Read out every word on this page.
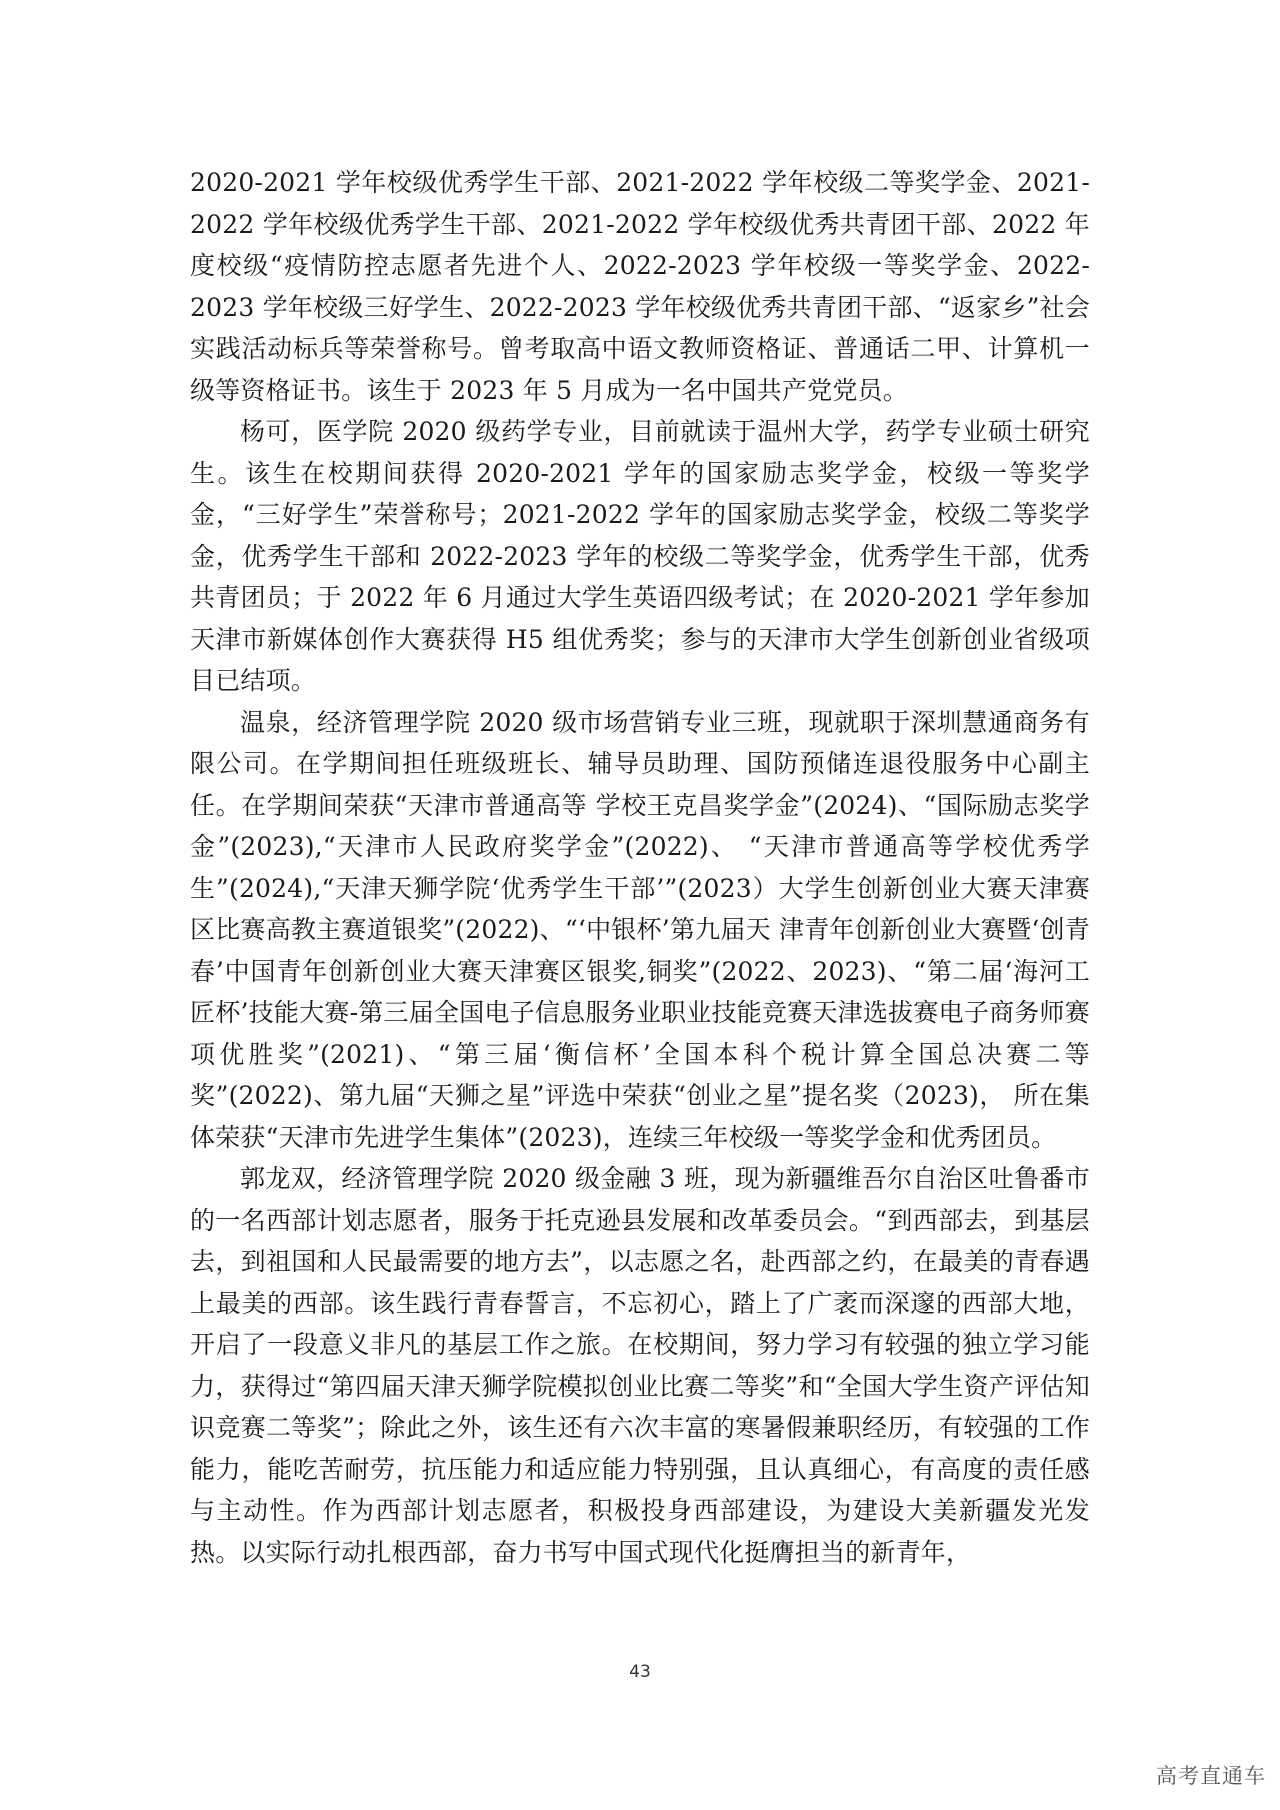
2020-2021 学年校级优秀学生干部、2021-2022 学年校级二等奖学金、2021-2022 学年校级优秀学生干部、2021-2022 学年校级优秀共青团干部、2022 年度校级“疫情防控志愿者先进个人、2022-2023 学年校级一等奖学金、2022-2023 学年校级三好学生、2022-2023 学年校级优秀共青团干部、“返家乡”社会实践活动标兵等荣誉称号。曾考取高中语文教师资格证、普通话二甲、计算机一级等资格证书。该生于 2023 年 5 月成为一名中国共产党党员。

杨可，医学院 2020 级药学专业，目前就读于温州大学，药学专业硕士研究生。该生在校期间获得 2020-2021 学年的国家励志奖学金，校级一等奖学金，“三好学生”荣誉称号；2021-2022 学年的国家励志奖学金，校级二等奖学金，优秀学生干部和 2022-2023 学年的校级二等奖学金，优秀学生干部，优秀共青团员；于 2022 年 6 月通过大学生英语四级考试；在 2020-2021 学年参加天津市新媒体创作大赛获得 H5 组优秀奖；参与的天津市大学生创新创业省级项目已结项。

温泉，经济管理学院 2020 级市场营销专业三班，现就职于深圳慧通商务有限公司。在学期间担任班级班长、辅导员助理、国防预储连退役服务中心副主任。在学期间荣获“天津市普通高等 学校王克昌奖学金”(2024)、“国际励志奖学金”(2023),“天津市人民政府奖学金”(2022)、 “天津市普通高等学校优秀学生”(2024),“天津天狮学院‘优秀学生干部’”(2023）大学生创新创业大赛天津赛区比赛高教主赛道银奖”(2022)、“‘中银杯’第九届天 津青年创新创业大赛暨‘创青春’中国青年创新创业大赛天津赛区银奖,铜奖”(2022、2023)、“第二届‘海河工匠杯’技能大赛-第三届全国电子信息服务业职业技能竞赛天津选拔赛电子商务师赛项优胜奖”(2021)、“第三届‘衡信杯’全国本科个税计算全国总决赛二等奖”(2022)、第九届“天狮之星”评选中荣获“创业之星”提名奖（2023)， 所在集体荣获“天津市先进学生集体”(2023)，连续三年校级一等奖学金和优秀团员。

郭龙双，经济管理学院 2020 级金融 3 班，现为新疆维吾尔自治区吐鲁番市的一名西部计划志愿者，服务于托克逊县发展和改革委员会。“到西部去，到基层去，到祖国和人民最需要的地方去”，以志愿之名，赴西部之约，在最美的青春遇上最美的西部。该生践行青春誓言，不忘初心，踏上了广袤而深邃的西部大地，开启了一段意义非凡的基层工作之旅。在校期间，努力学习有较强的独立学习能力，获得过“第四届天津天狮学院模拟创业比赛二等奖”和“全国大学生资产评估知识竞赛二等奖”；除此之外，该生还有六次丰富的寒暑假兼职经历，有较强的工作能力，能吃苦耐劳，抗压能力和适应能力特别强，且认真细心，有高度的责任感与主动性。作为西部计划志愿者，积极投身西部建设，为建设大美新疆发光发热。以实际行动扎根西部，奋力书写中国式现代化挺膺担当的新青年，

43
高考直通车
